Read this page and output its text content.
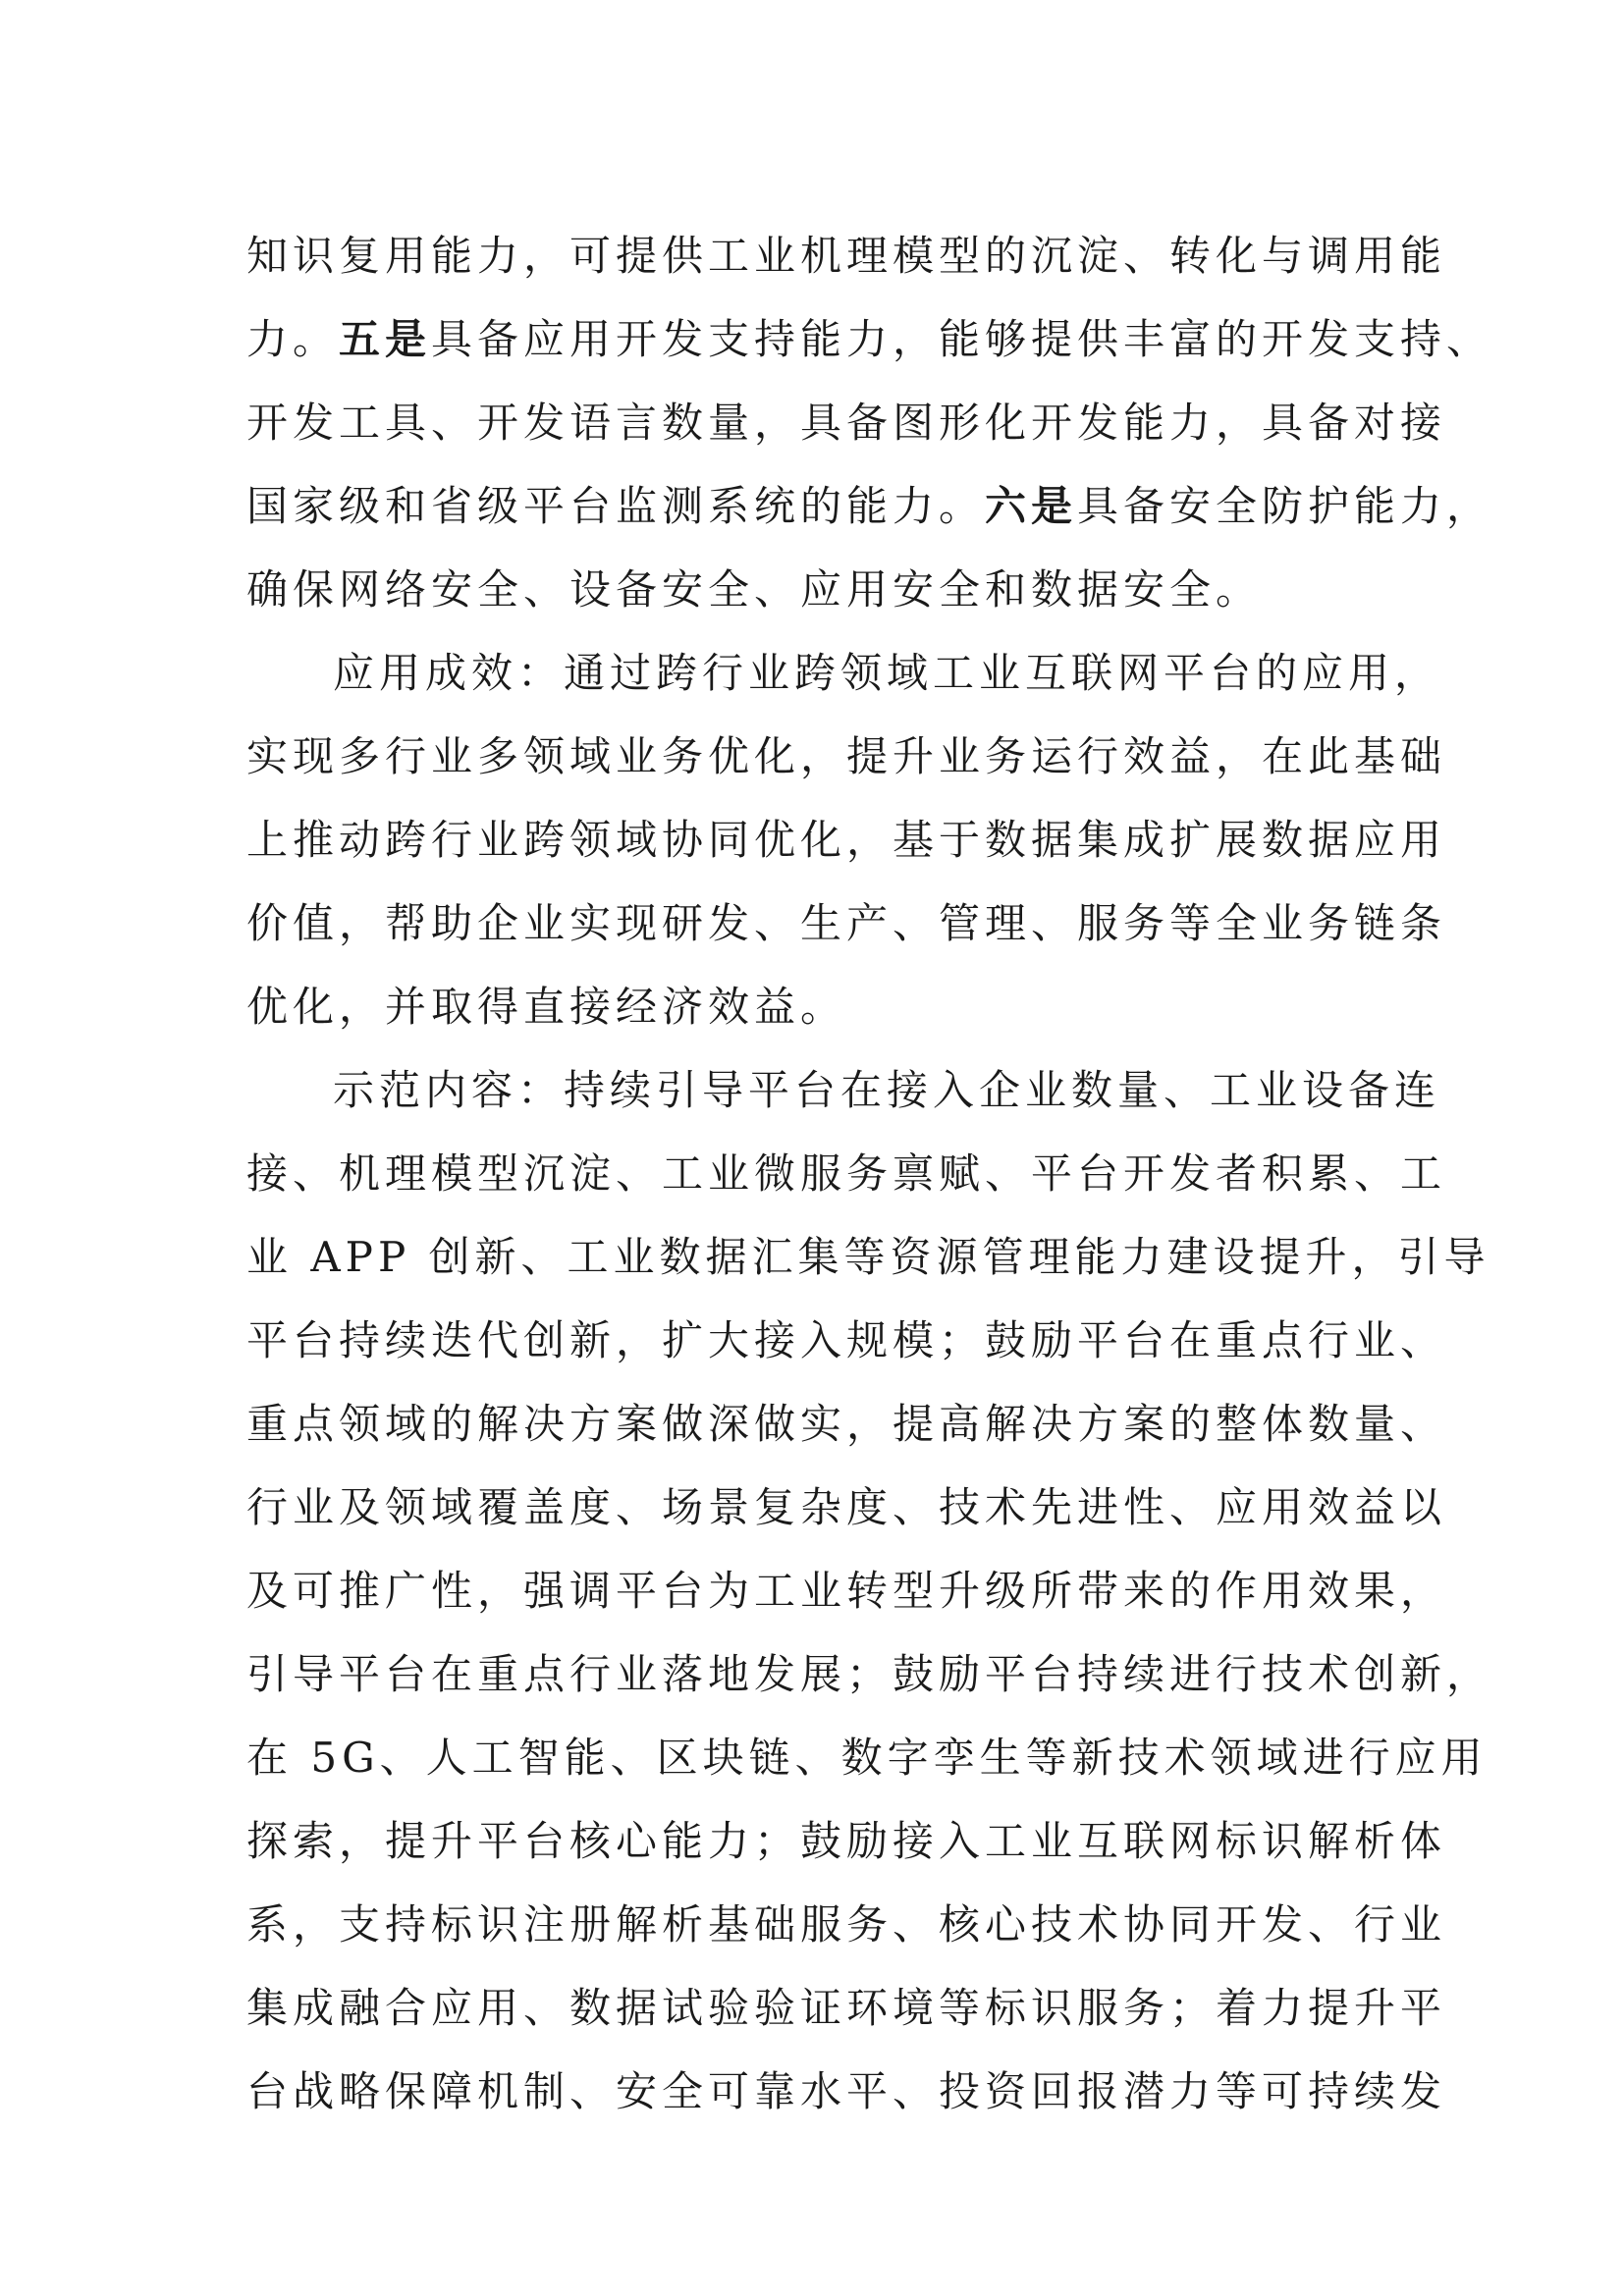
知识复用能力，可提供工业机理模型的沉淀、转化与调用能
力。五是具备应用开发支持能力，能够提供丰富的开发支持、
开发工具、开发语言数量，具备图形化开发能力，具备对接
国家级和省级平台监测系统的能力。六是具备安全防护能力，
确保网络安全、设备安全、应用安全和数据安全。
应用成效：通过跨行业跨领域工业互联网平台的应用，
实现多行业多领域业务优化，提升业务运行效益，在此基础
上推动跨行业跨领域协同优化，基于数据集成扩展数据应用
价值，帮助企业实现研发、生产、管理、服务等全业务链条
优化，并取得直接经济效益。
示范内容：持续引导平台在接入企业数量、工业设备连
接、机理模型沉淀、工业微服务禀赋、平台开发者积累、工
业 APP 创新、工业数据汇集等资源管理能力建设提升，引导
平台持续迭代创新，扩大接入规模；鼓励平台在重点行业、
重点领域的解决方案做深做实，提高解决方案的整体数量、
行业及领域覆盖度、场景复杂度、技术先进性、应用效益以
及可推广性，强调平台为工业转型升级所带来的作用效果，
引导平台在重点行业落地发展；鼓励平台持续进行技术创新，
在 5G、人工智能、区块链、数字孪生等新技术领域进行应用
探索，提升平台核心能力；鼓励接入工业互联网标识解析体
系，支持标识注册解析基础服务、核心技术协同开发、行业
集成融合应用、数据试验验证环境等标识服务；着力提升平
台战略保障机制、安全可靠水平、投资回报潜力等可持续发
